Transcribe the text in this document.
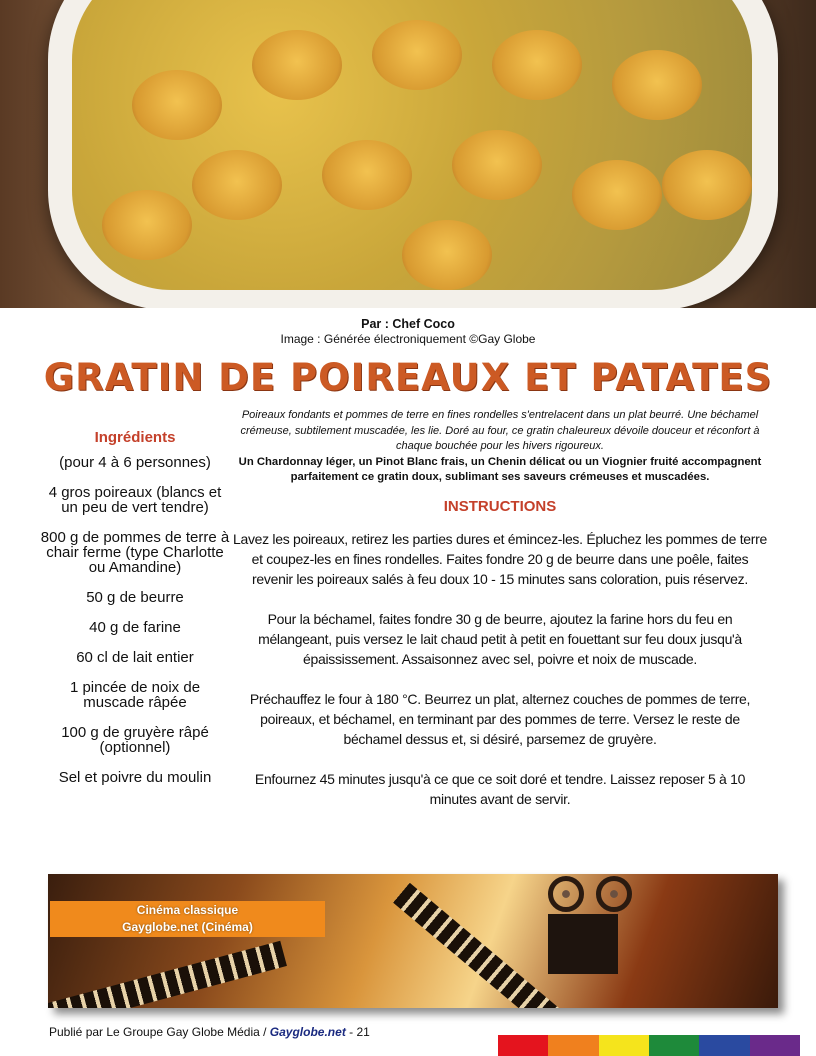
Par : Chef Coco
Image : Générée électroniquement ©Gay Globe
GRATIN DE POIREAUX ET PATATES
Ingrédients

(pour 4 à 6 personnes)

4 gros poireaux (blancs et un peu de vert tendre)

800 g de pommes de terre à chair ferme (type Charlotte ou Amandine)

50 g de beurre

40 g de farine

60 cl de lait entier

1 pincée de noix de muscade râpée

100 g de gruyère râpé (optionnel)

Sel et poivre du moulin

Poireaux fondants et pommes de terre en fines rondelles s'entrelacent dans un plat beurré. Une béchamel crémeuse, subtilement muscadée, les lie. Doré au four, ce gratin chaleureux dévoile douceur et réconfort à chaque bouchée pour les hivers rigoureux.

Un Chardonnay léger, un Pinot Blanc frais, un Chenin délicat ou un Viognier fruité accompagnent parfaitement ce gratin doux, sublimant ses saveurs crémeuses et muscadées.

INSTRUCTIONS

Lavez les poireaux, retirez les parties dures et émincez-les. Épluchez les pommes de terre et coupez-les en fines rondelles. Faites fondre 20 g de beurre dans une poêle, faites revenir les poireaux salés à feu doux 10 - 15 minutes sans coloration, puis réservez.

Pour la béchamel, faites fondre 30 g de beurre, ajoutez la farine hors du feu en mélangeant, puis versez le lait chaud petit à petit en fouettant sur feu doux jusqu'à épaississement. Assaisonnez avec sel, poivre et noix de muscade.

Préchauffez le four à 180 °C. Beurrez un plat, alternez couches de pommes de terre, poireaux, et béchamel, en terminant par des pommes de terre. Versez le reste de béchamel dessus et, si désiré, parsemez de gruyère.

Enfournez 45 minutes jusqu'à ce que ce soit doré et tendre. Laissez reposer 5 à 10 minutes avant de servir.

Cinéma classique
Gayglobe.net (Cinéma)
Publié par Le Groupe Gay Globe Média / Gayglobe.net - 21
